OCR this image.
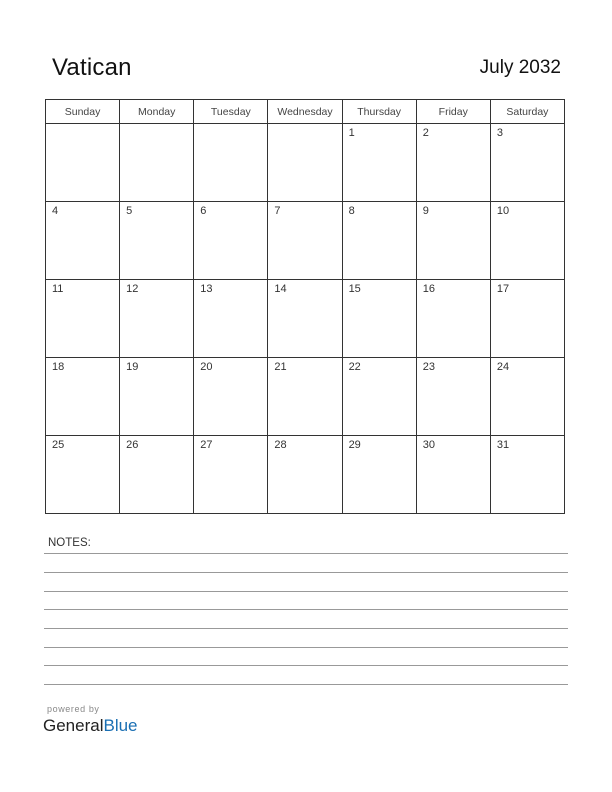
Vatican	July 2032
Sunday	Monday	Tuesday	Wednesday	Thursday	Friday	Saturday

				1	2	3

4	5	6	7	8	9	10

11	12	13	14	15	16	17

18	19	20	21	22	23	24

25	26	27	28	29	30	31
NOTES:
powered by
GeneralBlue
